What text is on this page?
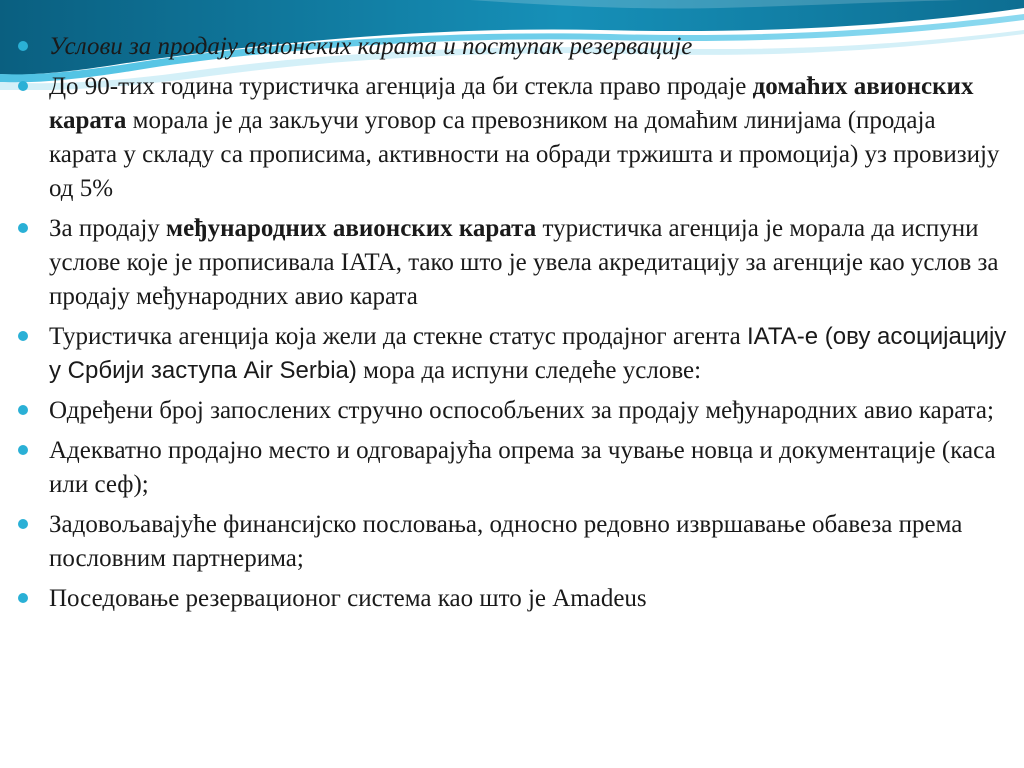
Услови за продају авионских карата и поступак резервације
До 90-тих година туристичка агенција да би стекла право продаје домаћих авионских карата морала је да закључи уговор са превозником на домаћим линијама (продаја карата у складу са прописима, активности на обради тржишта и промоција) уз провизију од 5%
За продају међународних авионских карата туристичка агенција је морала да испуни услове које је прописивала IATA, тако што је увела акредитацију за агенције као услов за продају међународних авио карата
Туристичка агенција која жели да стекне статус продајног агента IATA-е (ову асоцијацију у Србији заступа Air Serbia) мора да испуни следеће услове:
Одређени број запослених стручно оспособљених за продају међународних авио карата;
Адекватно продајно место и одговарајућа опрема за чување новца и документације (каса или сеф);
Задовољавајуће финансијско пословања, односно редовно извршавање обавеза према пословним партнерима;
Поседовање резервационог система као што је Amadeus
